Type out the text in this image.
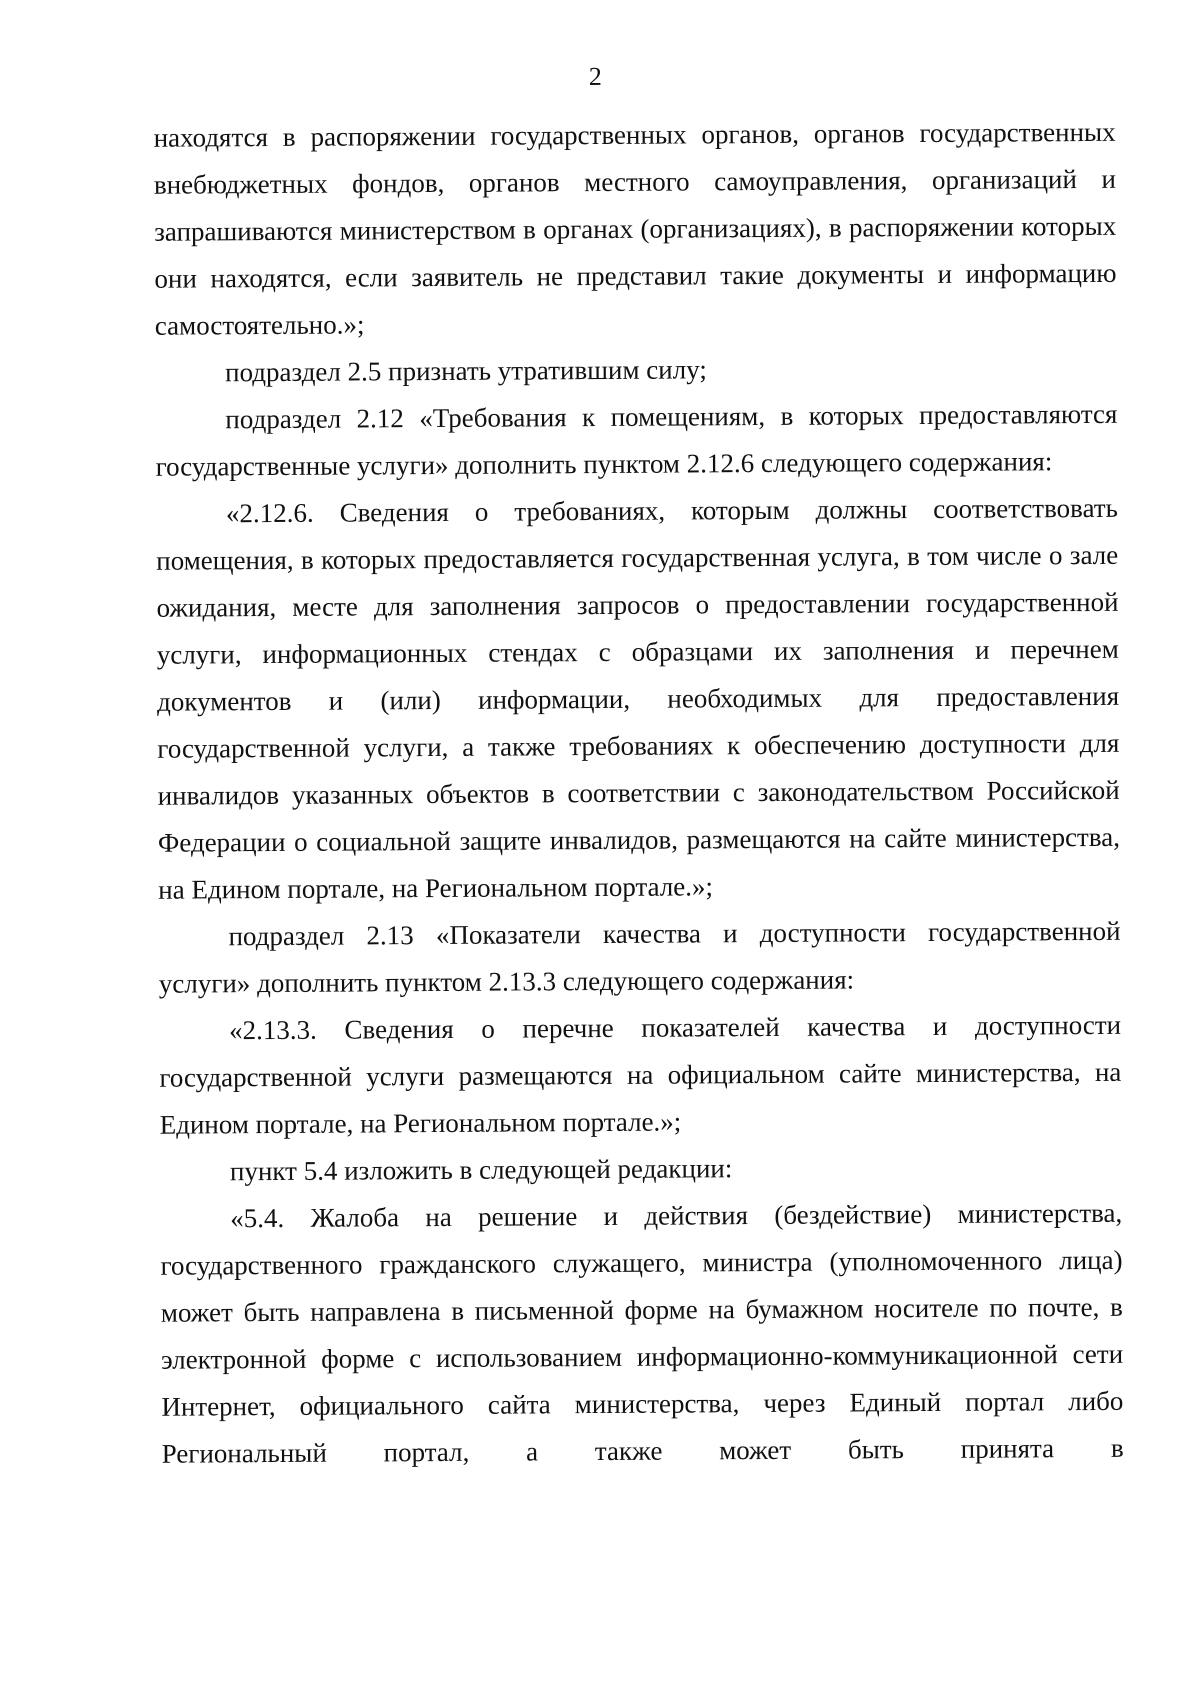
2

находятся в распоряжении государственных органов, органов государственных внебюджетных фондов, органов местного самоуправления, организаций и запрашиваются министерством в органах (организациях), в распоряжении которых они находятся, если заявитель не представил такие документы и информацию самостоятельно.»;

подраздел 2.5 признать утратившим силу;

подраздел 2.12 «Требования к помещениям, в которых предоставляются государственные услуги» дополнить пунктом 2.12.6 следующего содержания:

«2.12.6. Сведения о требованиях, которым должны соответствовать помещения, в которых предоставляется государственная услуга, в том числе о зале ожидания, месте для заполнения запросов о предоставлении государственной услуги, информационных стендах с образцами их заполнения и перечнем документов и (или) информации, необходимых для предоставления государственной услуги, а также требованиях к обеспечению доступности для инвалидов указанных объектов в соответствии с законодательством Российской Федерации о социальной защите инвалидов, размещаются на сайте министерства, на Едином портале, на Региональном портале.»;

подраздел 2.13 «Показатели качества и доступности государственной услуги» дополнить пунктом 2.13.3 следующего содержания:

«2.13.3. Сведения о перечне показателей качества и доступности государственной услуги размещаются на официальном сайте министерства, на Едином портале, на Региональном портале.»;

пункт 5.4 изложить в следующей редакции:

«5.4. Жалоба на решение и действия (бездействие) министерства, государственного гражданского служащего, министра (уполномоченного лица) может быть направлена в письменной форме на бумажном носителе по почте, в электронной форме с использованием информационно-коммуникационной сети Интернет, официального сайта министерства, через Единый портал либо Региональный портал, а также может быть принята в
